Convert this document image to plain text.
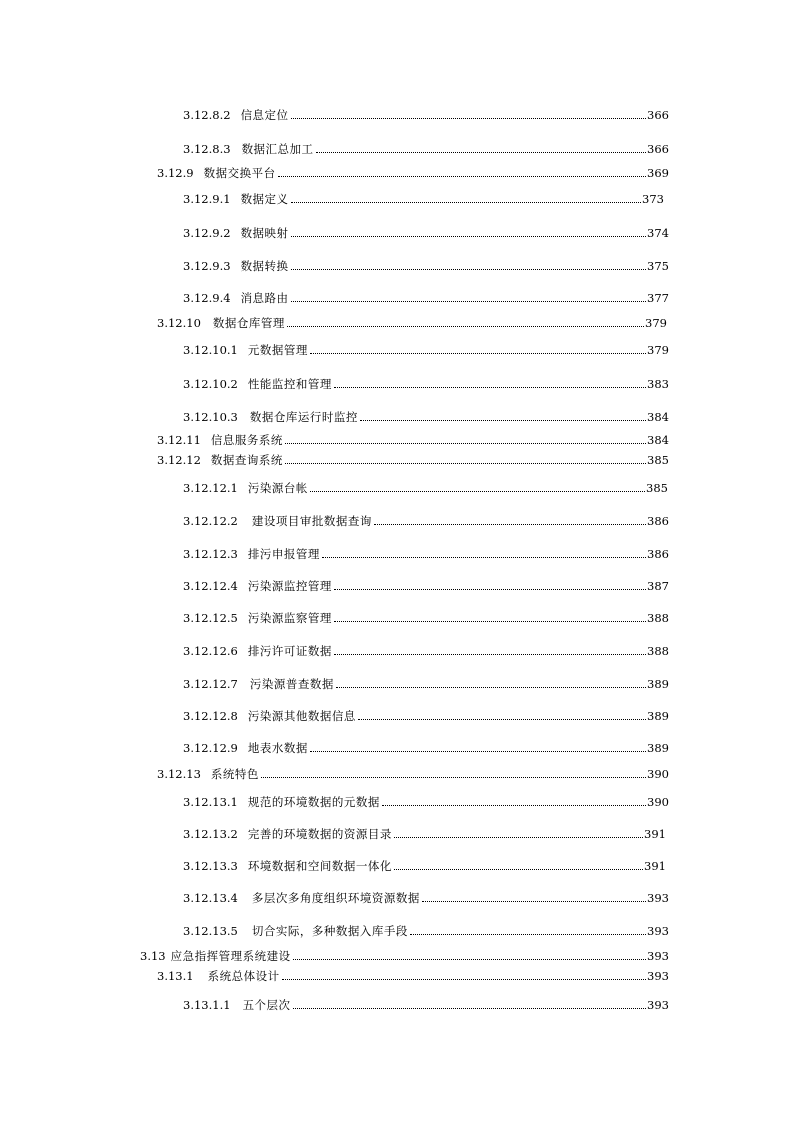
3.12.8.2 信息定位	366
3.12.8.3 数据汇总加工	366
3.12.9 数据交换平台	369
3.12.9.1 数据定义	373
3.12.9.2 数据映射	374
3.12.9.3 数据转换	375
3.12.9.4 消息路由	377
3.12.10 数据仓库管理	379
3.12.10.1 元数据管理	379
3.12.10.2 性能监控和管理	383
3.12.10.3 数据仓库运行时监控	384
3.12.11 信息服务系统	384
3.12.12 数据查询系统	385
3.12.12.1 污染源台帐	385
3.12.12.2 建设项目审批数据查询	386
3.12.12.3 排污申报管理	386
3.12.12.4 污染源监控管理	387
3.12.12.5 污染源监察管理	388
3.12.12.6 排污许可证数据	388
3.12.12.7 污染源普查数据	389
3.12.12.8 污染源其他数据信息	389
3.12.12.9 地表水数据	389
3.12.13 系统特色	390
3.12.13.1 规范的环境数据的元数据	390
3.12.13.2 完善的环境数据的资源目录	391
3.12.13.3 环境数据和空间数据一体化	391
3.12.13.4 多层次多角度组织环境资源数据	393
3.12.13.5 切合实际，多种数据入库手段	393
3.13 应急指挥管理系统建设	393
3.13.1 系统总体设计	393
3.13.1.1 五个层次	393
